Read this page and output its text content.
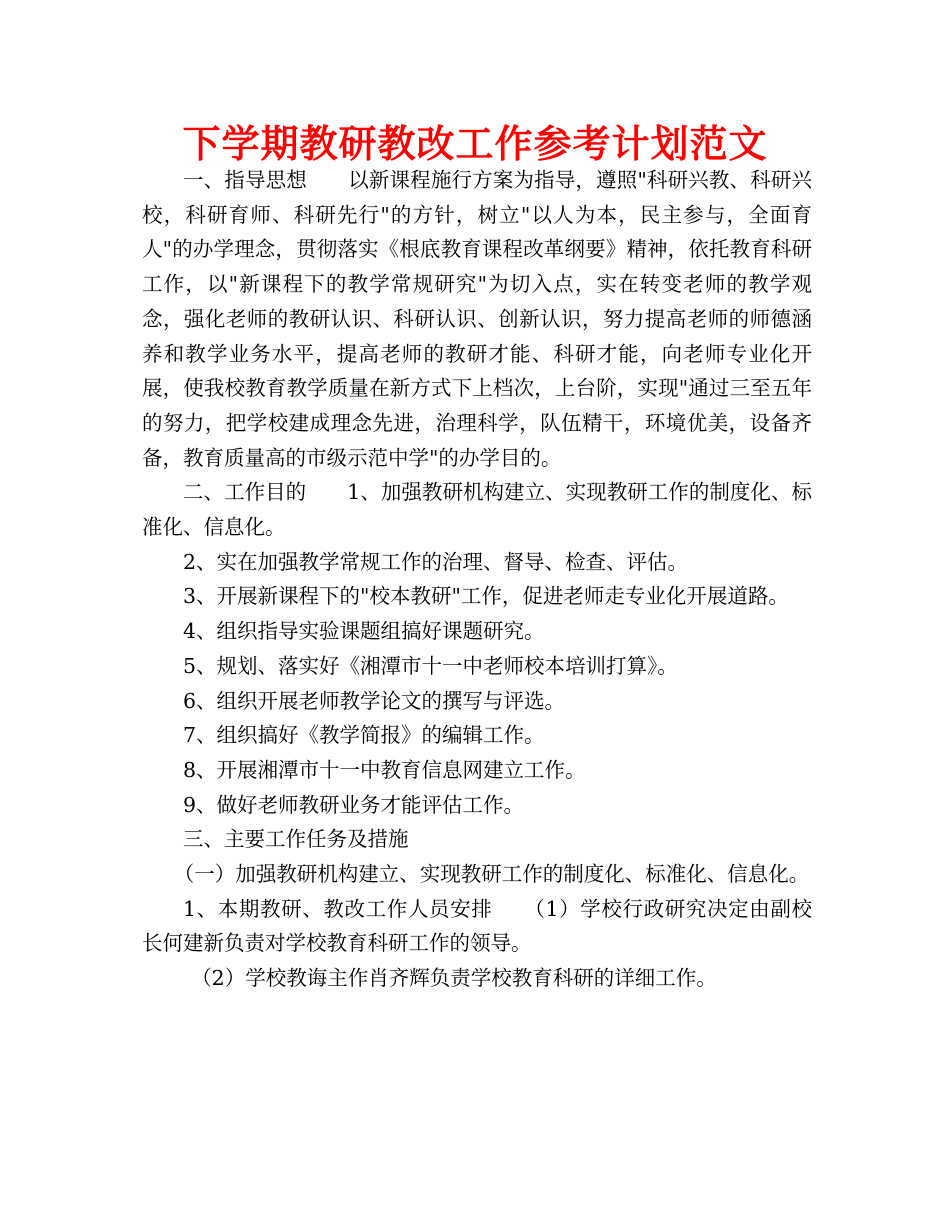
下学期教研教改工作参考计划范文

一、指导思想　　以新课程施行方案为指导，遵照"科研兴教、科研兴校，科研育师、科研先行"的方针，树立"以人为本，民主参与，全面育人"的办学理念，贯彻落实《根底教育课程改革纲要》精神，依托教育科研工作，以"新课程下的教学常规研究"为切入点，实在转变老师的教学观念，强化老师的教研认识、科研认识、创新认识，努力提高老师的师德涵养和教学业务水平，提高老师的教研才能、科研才能，向老师专业化开展，使我校教育教学质量在新方式下上档次，上台阶，实现"通过三至五年的努力，把学校建成理念先进，治理科学，队伍精干，环境优美，设备齐备，教育质量高的市级示范中学"的办学目的。

二、工作目的　　1、加强教研机构建立、实现教研工作的制度化、标准化、信息化。

2、实在加强教学常规工作的治理、督导、检查、评估。

3、开展新课程下的"校本教研"工作，促进老师走专业化开展道路。

4、组织指导实验课题组搞好课题研究。

5、规划、落实好《湘潭市十一中老师校本培训打算》。

6、组织开展老师教学论文的撰写与评选。

7、组织搞好《教学简报》的编辑工作。

8、开展湘潭市十一中教育信息网建立工作。

9、做好老师教研业务才能评估工作。

三、主要工作任务及措施

（一）加强教研机构建立、实现教研工作的制度化、标准化、信息化。

1、本期教研、教改工作人员安排　　（1）学校行政研究决定由副校长何建新负责对学校教育科研工作的领导。

（2）学校教诲主作肖齐辉负责学校教育科研的详细工作。
